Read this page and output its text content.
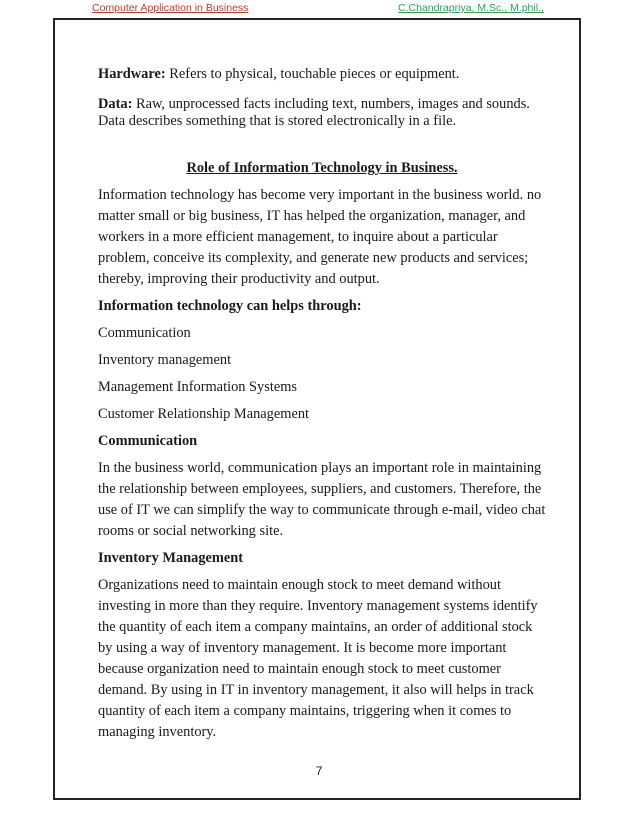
Computer Application in Business	C.Chandrapriya, M.Sc., M.phil.,

Hardware: Refers to physical, touchable pieces or equipment.

Data: Raw, unprocessed facts including text, numbers, images and sounds. Data describes something that is stored electronically in a file.

Role of Information Technology in Business.

Information technology has become very important in the business world. no matter small or big business, IT has helped the organization, manager, and workers in a more efficient management, to inquire about a particular problem, conceive its complexity, and generate new products and services; thereby, improving their productivity and output.

Information technology can helps through:

Communication

Inventory management

Management Information Systems

Customer Relationship Management

Communication

In the business world, communication plays an important role in maintaining the relationship between employees, suppliers, and customers. Therefore, the use of IT we can simplify the way to communicate through e-mail, video chat rooms or social networking site.

Inventory Management

Organizations need to maintain enough stock to meet demand without investing in more than they require. Inventory management systems identify the quantity of each item a company maintains, an order of additional stock by using a way of inventory management. It is become more important because organization need to maintain enough stock to meet customer demand. By using in IT in inventory management, it also will helps in track quantity of each item a company maintains, triggering when it comes to managing inventory.

7
